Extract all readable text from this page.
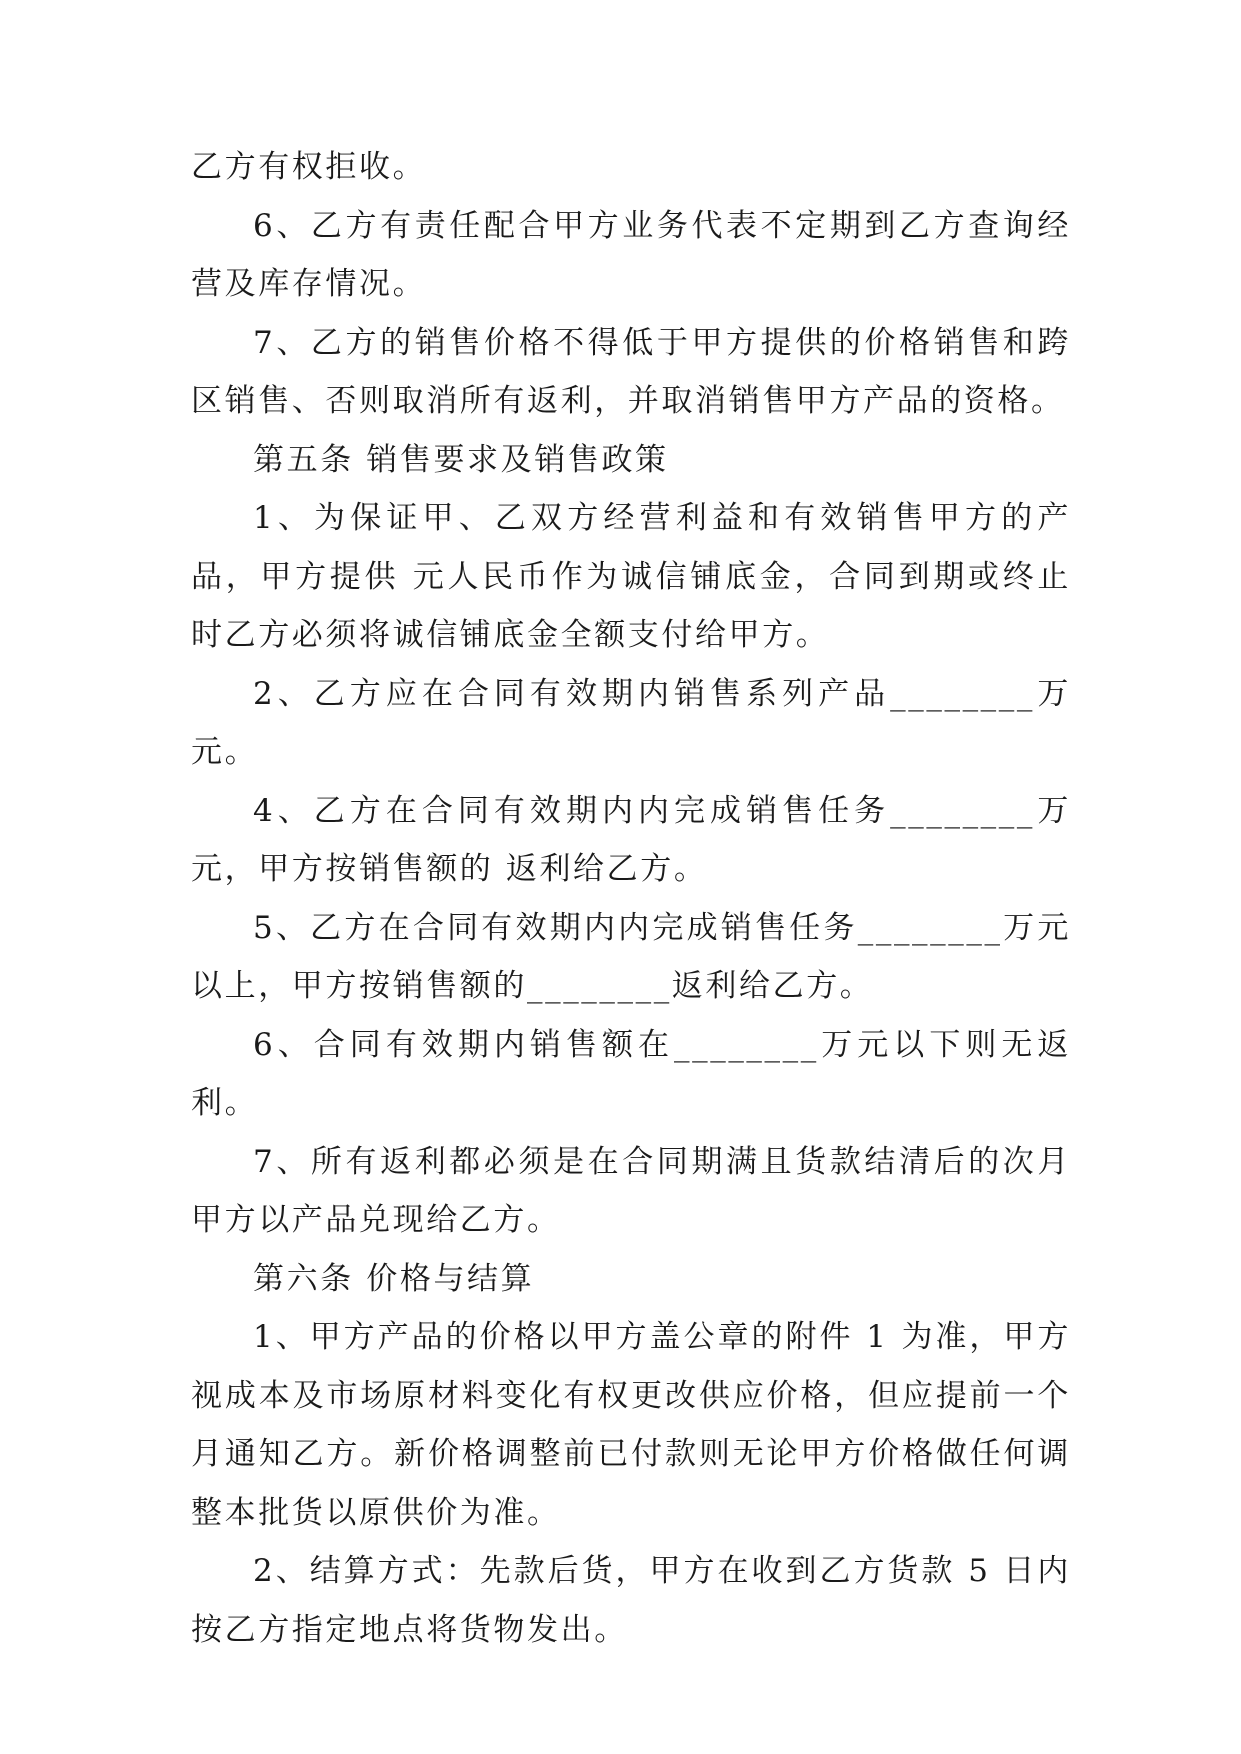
乙方有权拒收。

6、乙方有责任配合甲方业务代表不定期到乙方查询经营及库存情况。

7、乙方的销售价格不得低于甲方提供的价格销售和跨区销售、否则取消所有返利，并取消销售甲方产品的资格。

第五条 销售要求及销售政策

1、为保证甲、乙双方经营利益和有效销售甲方的产品，甲方提供 元人民币作为诚信铺底金，合同到期或终止时乙方必须将诚信铺底金全额支付给甲方。

2、乙方应在合同有效期内销售系列产品________万元。

4、乙方在合同有效期内内完成销售任务________万元，甲方按销售额的 返利给乙方。

5、乙方在合同有效期内内完成销售任务________万元以上，甲方按销售额的________返利给乙方。

6、合同有效期内销售额在________万元以下则无返利。

7、所有返利都必须是在合同期满且货款结清后的次月甲方以产品兑现给乙方。

第六条 价格与结算

1、甲方产品的价格以甲方盖公章的附件 1 为准，甲方视成本及市场原材料变化有权更改供应价格，但应提前一个月通知乙方。新价格调整前已付款则无论甲方价格做任何调整本批货以原供价为准。

2、结算方式：先款后货，甲方在收到乙方货款 5 日内按乙方指定地点将货物发出。
